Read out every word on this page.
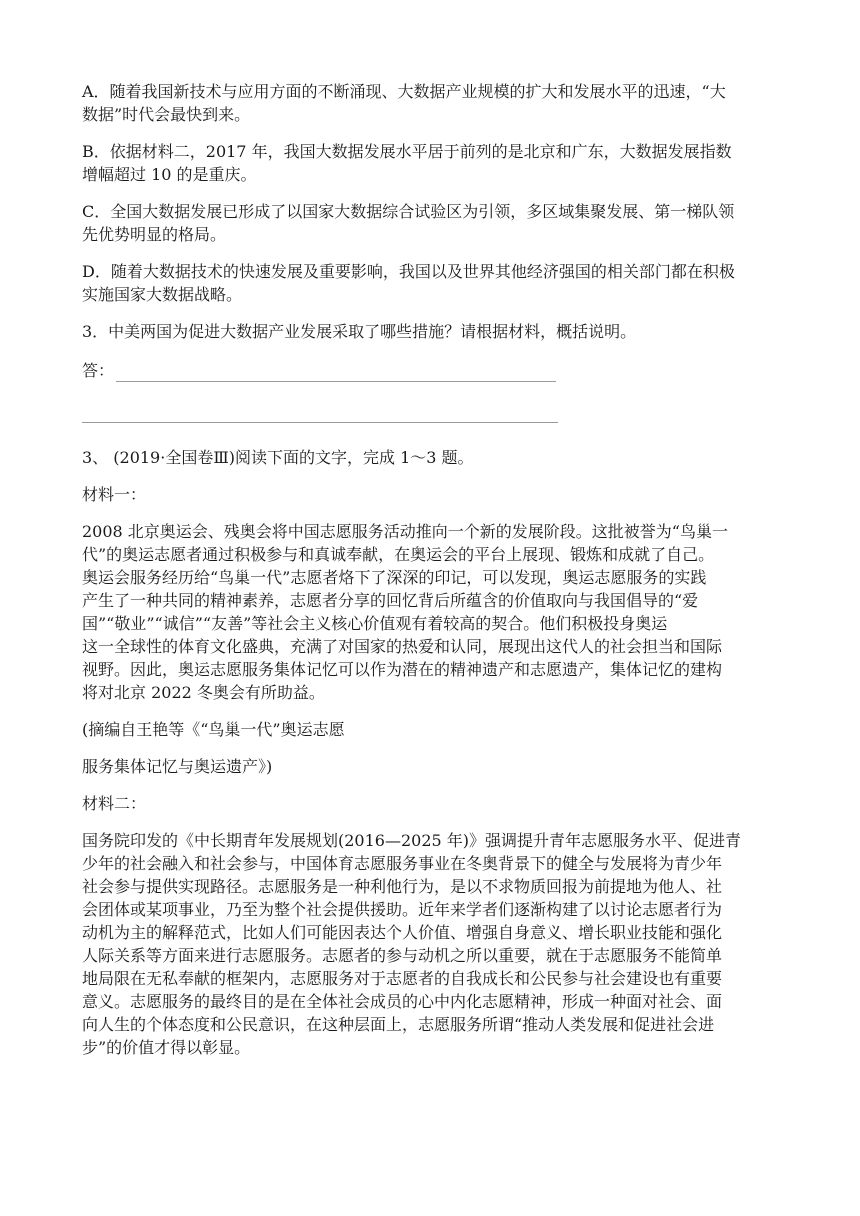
A．随着我国新技术与应用方面的不断涌现、大数据产业规模的扩大和发展水平的迅速，“大
数据”时代会最快到来。

B．依据材料二，2017 年，我国大数据发展水平居于前列的是北京和广东，大数据发展指数
增幅超过 10 的是重庆。

C．全国大数据发展已形成了以国家大数据综合试验区为引领，多区域集聚发展、第一梯队领
先优势明显的格局。

D．随着大数据技术的快速发展及重要影响，我国以及世界其他经济强国的相关部门都在积极
实施国家大数据战略。

3．中美两国为促进大数据产业发展采取了哪些措施？请根据材料，概括说明。

答：

3、 (2019·全国卷Ⅲ)阅读下面的文字，完成 1～3 题。

材料一：

2008 北京奥运会、残奥会将中国志愿服务活动推向一个新的发展阶段。这批被誉为“鸟巢一
代”的奥运志愿者通过积极参与和真诚奉献，在奥运会的平台上展现、锻炼和成就了自己。
奥运会服务经历给“鸟巢一代”志愿者烙下了深深的印记，可以发现，奥运志愿服务的实践
产生了一种共同的精神素养，志愿者分享的回忆背后所蕴含的价值取向与我国倡导的“爱
国”“敬业”“诚信”“友善”等社会主义核心价值观有着较高的契合。他们积极投身奥运
这一全球性的体育文化盛典，充满了对国家的热爱和认同，展现出这代人的社会担当和国际
视野。因此，奥运志愿服务集体记忆可以作为潜在的精神遗产和志愿遗产，集体记忆的建构
将对北京 2022 冬奥会有所助益。

(摘编自王艳等《“鸟巢一代”奥运志愿

服务集体记忆与奥运遗产》)

材料二：

国务院印发的《中长期青年发展规划(2016—2025 年)》强调提升青年志愿服务水平、促进青
少年的社会融入和社会参与，中国体育志愿服务事业在冬奥背景下的健全与发展将为青少年
社会参与提供实现路径。志愿服务是一种利他行为，是以不求物质回报为前提地为他人、社
会团体或某项事业，乃至为整个社会提供援助。近年来学者们逐渐构建了以讨论志愿者行为
动机为主的解释范式，比如人们可能因表达个人价值、增强自身意义、增长职业技能和强化
人际关系等方面来进行志愿服务。志愿者的参与动机之所以重要，就在于志愿服务不能简单
地局限在无私奉献的框架内，志愿服务对于志愿者的自我成长和公民参与社会建设也有重要
意义。志愿服务的最终目的是在全体社会成员的心中内化志愿精神，形成一种面对社会、面
向人生的个体态度和公民意识，在这种层面上，志愿服务所谓“推动人类发展和促进社会进
步”的价值才得以彰显。
